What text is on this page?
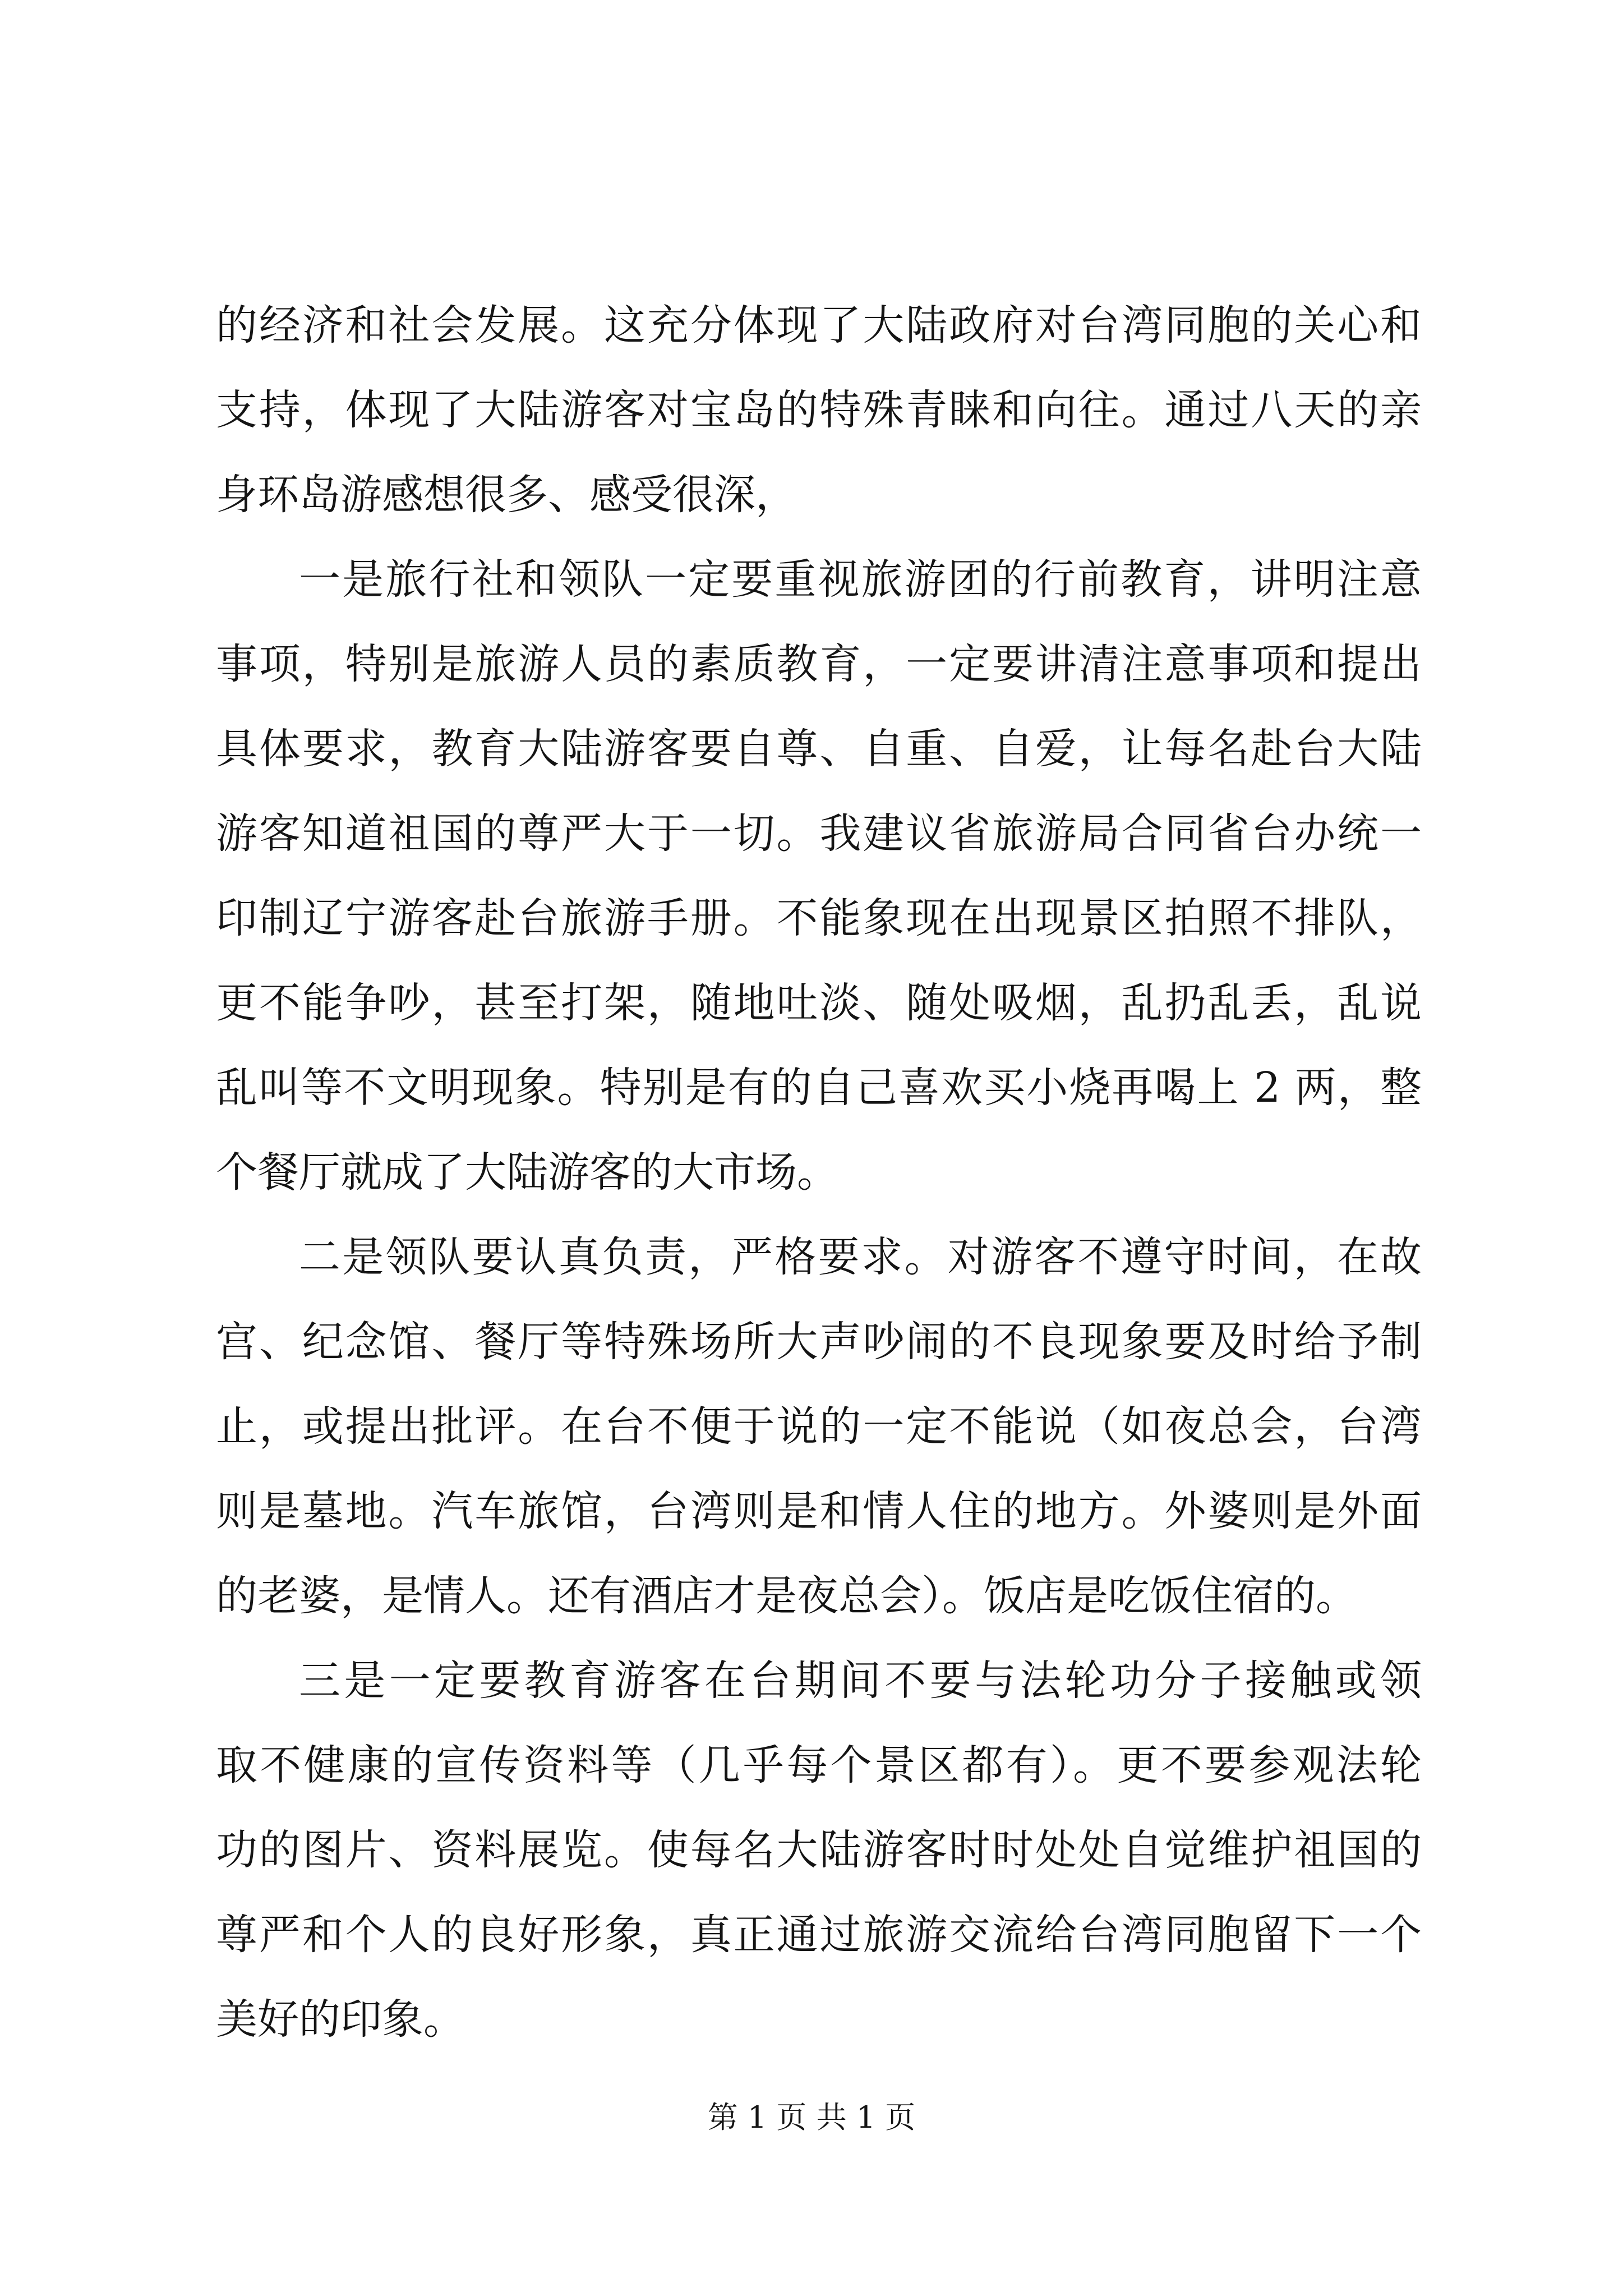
的经济和社会发展。这充分体现了大陆政府对台湾同胞的关心和
支持，体现了大陆游客对宝岛的特殊青睐和向往。通过八天的亲
身环岛游感想很多、感受很深，

一是旅行社和领队一定要重视旅游团的行前教育，讲明注意
事项，特别是旅游人员的素质教育，一定要讲清注意事项和提出
具体要求，教育大陆游客要自尊、自重、自爱，让每名赴台大陆
游客知道祖国的尊严大于一切。我建议省旅游局合同省台办统一
印制辽宁游客赴台旅游手册。不能象现在出现景区拍照不排队，
更不能争吵，甚至打架，随地吐淡、随处吸烟，乱扔乱丢，乱说
乱叫等不文明现象。特别是有的自己喜欢买小烧再喝上 2 两，整
个餐厅就成了大陆游客的大市场。

二是领队要认真负责，严格要求。对游客不遵守时间，在故
宫、纪念馆、餐厅等特殊场所大声吵闹的不良现象要及时给予制
止，或提出批评。在台不便于说的一定不能说（如夜总会，台湾
则是墓地。汽车旅馆，台湾则是和情人住的地方。外婆则是外面
的老婆，是情人。还有酒店才是夜总会）。饭店是吃饭住宿的。

三是一定要教育游客在台期间不要与法轮功分子接触或领
取不健康的宣传资料等（几乎每个景区都有）。更不要参观法轮
功的图片、资料展览。使每名大陆游客时时处处自觉维护祖国的
尊严和个人的良好形象，真正通过旅游交流给台湾同胞留下一个
美好的印象。

第 1 页 共 1 页
